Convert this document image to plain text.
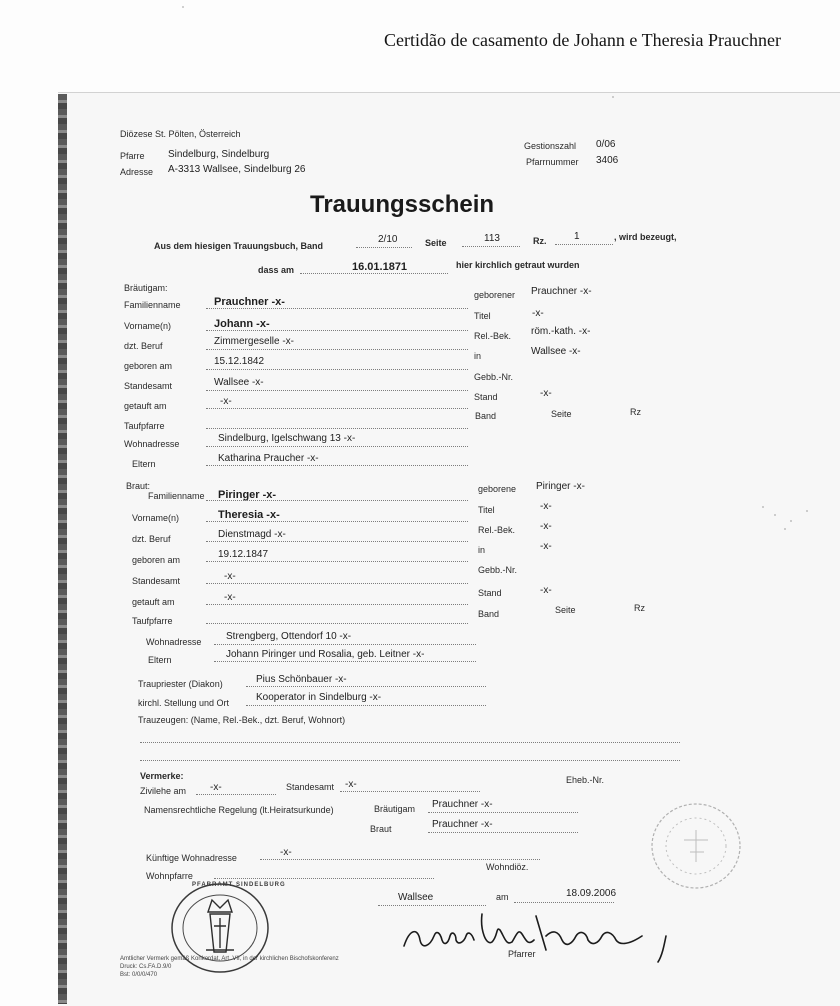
Certidão de casamento de Johann e Theresia Prauchner
Diözese St. Pölten, Österreich
Pfarre Sindelburg, Sindelburg
Adresse A-3313 Wallsee, Sindelburg 26
Gestionszahl 0/06
Pfarrnummer 3406
Trauungsschein
Aus dem hiesigen Trauungsbuch, Band
2/10	Seite	113	Rz.	1	, wird bezeugt,
dass am	16.01.1871	hier kirchlich getraut wurden
Bräutigam:
Familienname	Prauchner -x-
geborener Prauchner -x-
Vorname(n)	Johann -x-
Titel	-x-
dzt. Beruf	Zimmergeselle -x-	Rel.-Bek. röm.-kath. -x-
geboren am	15.12.1842	in	Wallsee -x-
Standesamt	Wallsee -x-	Gebb.-Nr.
getauft am	-x-	Stand	-x-
Taufpfarre
Band	Seite	Rz
Wohnadresse	Sindelburg, Igelschwang 13 -x-
Eltern	Katharina Praucher -x-
Braut:
Familienname Piringer -x-	geborene Piringer -x-
Vorname(n)	Theresia -x-	Titel	-x-
dzt. Beruf	Dienstmagd -x-	Rel.-Bek. -x-
geboren am	19.12.1847	in	-x-
Standesamt	-x-
Gebb.-Nr.
getauft am	-x-	Stand	-x-
Taufpfarre
Band	Seite	Rz
Wohnadresse Strengberg, Ottendorf 10 -x-
Eltern	Johann Piringer und Rosalia, geb. Leitner -x-
Traupriester (Diakon)	Pius Schönbauer -x-
kirchl. Stellung und Ort	Kooperator in Sindelburg -x-
Trauzeugen: (Name, Rel.-Bek., dzt. Beruf, Wohnort)
Vermerke:
Zivilehe am -x-	Standesamt -x-	Eheb.-Nr.
Namensrechtliche Regelung (lt.Heiratsurkunde)	Bräutigam Prauchner -x-
Braut	Prauchner -x-
Künftige Wohnadresse	-x-
Wohnpfarre
Wohndiöz.
Wallsee	am	18.09.2006
Pfarrer
Amtlicher Vermerk gemäß Konkordat, Art. VII, in der kirchlichen Bischofskonferenz
Druck: Cs.FA.D.9/0
Bst: 0/0/0/470
PFARRAMT SINDELBURG
